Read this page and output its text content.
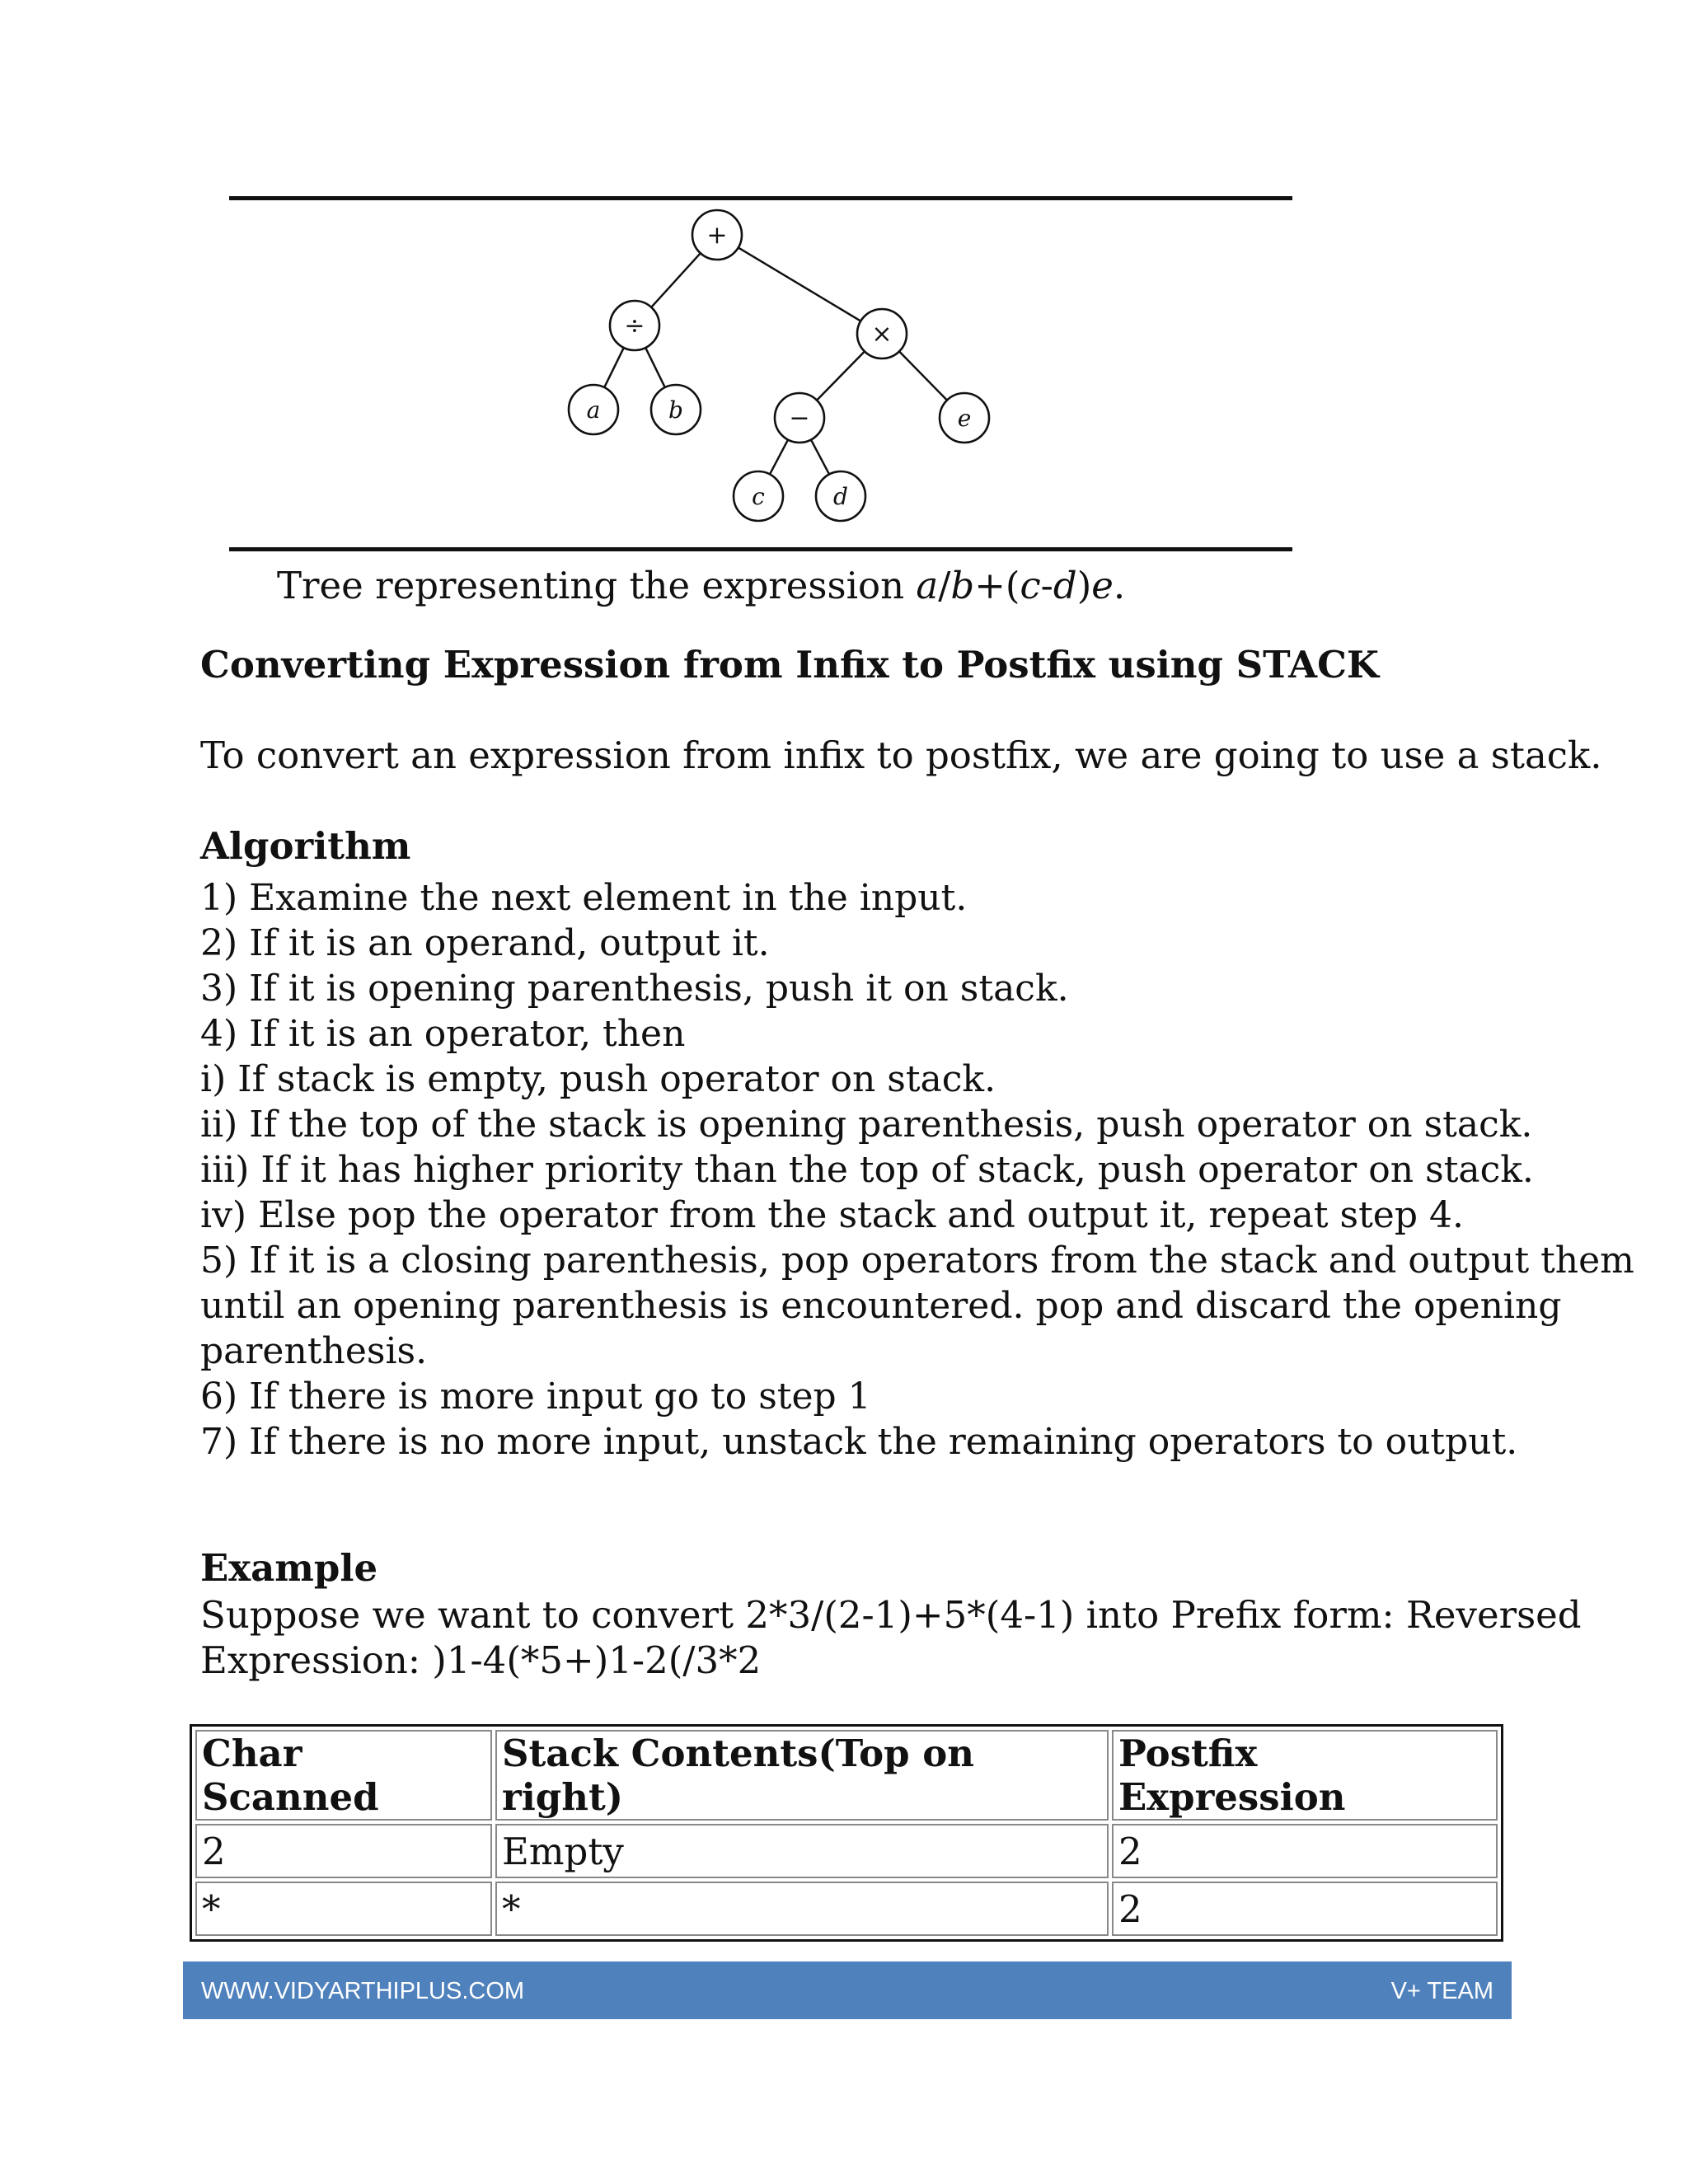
+
÷	×
a	b	−	e
c	d
Tree representing the expression a/b+(c-d)e.
Converting Expression from Infix to Postfix using STACK
To convert an expression from infix to postfix, we are going to use a stack.
Algorithm
1) Examine the next element in the input.
2) If it is an operand, output it.
3) If it is opening parenthesis, push it on stack.
4) If it is an operator, then
i) If stack is empty, push operator on stack.
ii) If the top of the stack is opening parenthesis, push operator on stack.
iii) If it has higher priority than the top of stack, push operator on stack.
iv) Else pop the operator from the stack and output it, repeat step 4.
5) If it is a closing parenthesis, pop operators from the stack and output them
until an opening parenthesis is encountered. pop and discard the opening
parenthesis.
6) If there is more input go to step 1
7) If there is no more input, unstack the remaining operators to output.
Example
Suppose we want to convert 2*3/(2-1)+5*(4-1) into Prefix form: Reversed
Expression: )1-4(*5+)1-2(/3*2
Char Scanned	Stack Contents(Top on right)	Postfix Expression
2	Empty	2
*	*	2
WWW.VIDYARTHIPLUS.COM	V+ TEAM
